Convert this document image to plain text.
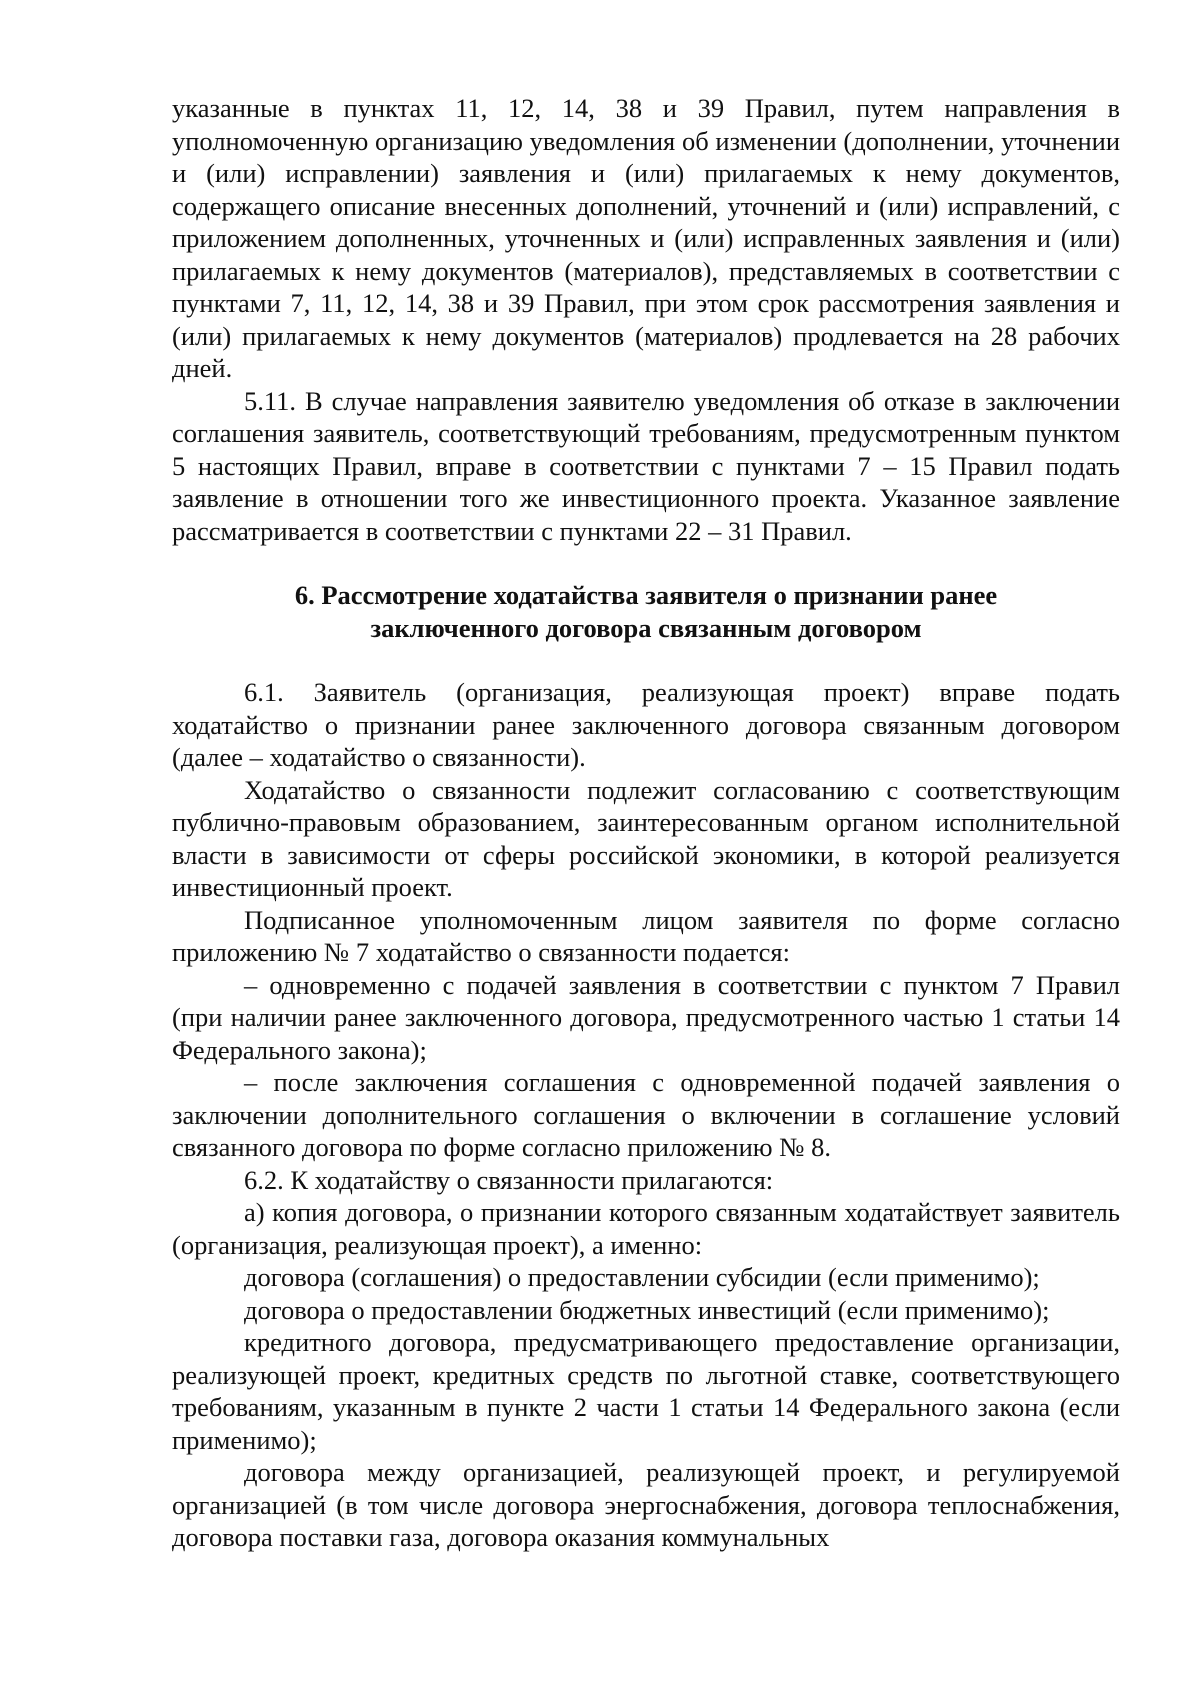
указанные в пунктах 11, 12, 14, 38 и 39 Правил, путем направления в уполномоченную организацию уведомления об изменении (дополнении, уточнении и (или) исправлении) заявления и (или) прилагаемых к нему документов, содержащего описание внесенных дополнений, уточнений и (или) исправлений, с приложением дополненных, уточненных и (или) исправленных заявления и (или) прилагаемых к нему документов (материалов), представляемых в соответствии с пунктами 7, 11, 12, 14, 38 и 39 Правил, при этом срок рассмотрения заявления и (или) прилагаемых к нему документов (материалов) продлевается на 28 рабочих дней.

5.11. В случае направления заявителю уведомления об отказе в заключении соглашения заявитель, соответствующий требованиям, предусмотренным пунктом 5 настоящих Правил, вправе в соответствии с пунктами 7 – 15 Правил подать заявление в отношении того же инвестиционного проекта. Указанное заявление рассматривается в соответствии с пунктами 22 – 31 Правил.

6. Рассмотрение ходатайства заявителя о признании ранее

заключенного договора связанным договором

6.1. Заявитель (организация, реализующая проект) вправе подать ходатайство о признании ранее заключенного договора связанным договором (далее – ходатайство о связанности).

Ходатайство о связанности подлежит согласованию с соответствующим публично-правовым образованием, заинтересованным органом исполнительной власти в зависимости от сферы российской экономики, в которой реализуется инвестиционный проект.

Подписанное уполномоченным лицом заявителя по форме согласно приложению № 7 ходатайство о связанности подается:

– одновременно с подачей заявления в соответствии с пунктом 7 Правил (при наличии ранее заключенного договора, предусмотренного частью 1 статьи 14 Федерального закона);

– после заключения соглашения с одновременной подачей заявления о заключении дополнительного соглашения о включении в соглашение условий связанного договора по форме согласно приложению № 8.

6.2. К ходатайству о связанности прилагаются:

а) копия договора, о признании которого связанным ходатайствует заявитель (организация, реализующая проект), а именно:

договора (соглашения) о предоставлении субсидии (если применимо);

договора о предоставлении бюджетных инвестиций (если применимо);

кредитного договора, предусматривающего предоставление организации, реализующей проект, кредитных средств по льготной ставке, соответствующего требованиям, указанным в пункте 2 части 1 статьи 14 Федерального закона (если применимо);

договора между организацией, реализующей проект, и регулируемой организацией (в том числе договора энергоснабжения, договора теплоснабжения, договора поставки газа, договора оказания коммунальных
